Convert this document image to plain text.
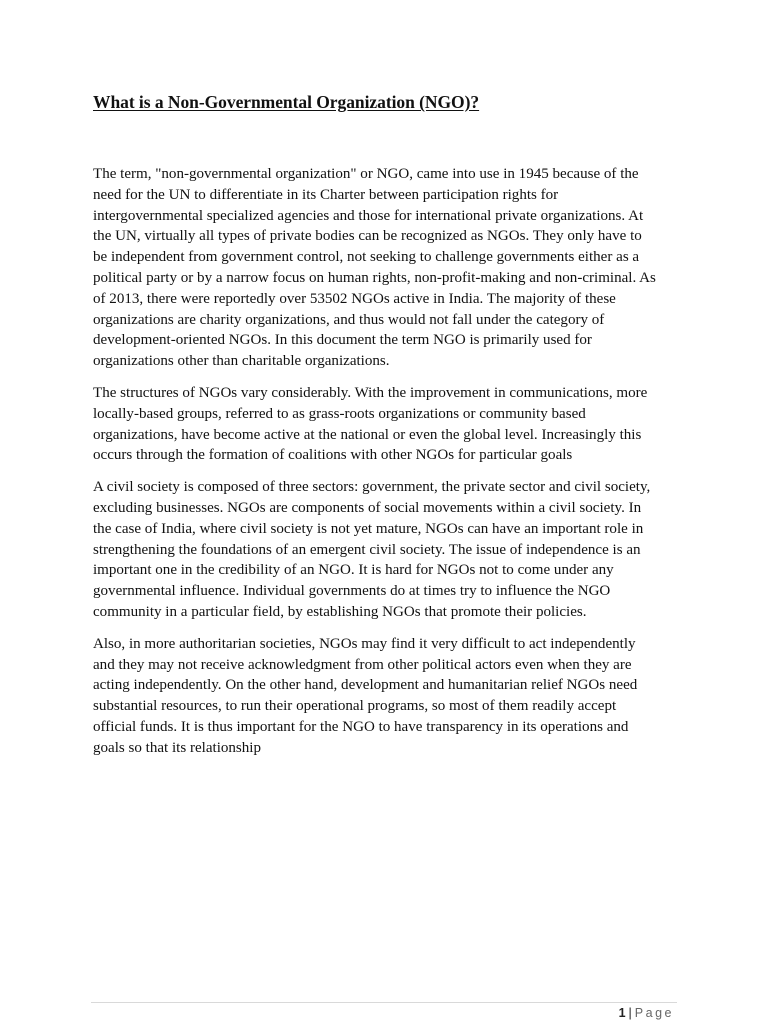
What is a Non-Governmental Organization (NGO)?

The term, "non-governmental organization" or NGO, came into use in 1945 because of the
need for the UN to differentiate in its Charter between participation rights for
intergovernmental specialized agencies and those for international private organizations. At
the UN, virtually all types of private bodies can be recognized as NGOs. They only have to
be independent from government control, not seeking to challenge governments either as a
political party or by a narrow focus on human rights, non-profit-making and non-criminal. As
of 2013, there were reportedly over 53502 NGOs active in India. The majority of these
organizations are charity organizations, and thus would not fall under the category of
development-oriented NGOs. In this document the term NGO is primarily used for
organizations other than charitable organizations.

The structures of NGOs vary considerably. With the improvement in communications, more
locally-based groups, referred to as grass-roots organizations or community based
organizations, have become active at the national or even the global level. Increasingly this
occurs through the formation of coalitions with other NGOs for particular goals

A civil society is composed of three sectors: government, the private sector and civil society,
excluding businesses. NGOs are components of social movements within a civil society. In
the case of India, where civil society is not yet mature, NGOs can have an important role in
strengthening the foundations of an emergent civil society. The issue of independence is an
important one in the credibility of an NGO. It is hard for NGOs not to come under any
governmental influence. Individual governments do at times try to influence the NGO
community in a particular field, by establishing NGOs that promote their policies.

Also, in more authoritarian societies, NGOs may find it very difficult to act independently
and they may not receive acknowledgment from other political actors even when they are
acting independently. On the other hand, development and humanitarian relief NGOs need
substantial resources, to run their operational programs, so most of them readily accept
official funds. It is thus important for the NGO to have transparency in its operations and
goals so that its relationship

1 | Page
